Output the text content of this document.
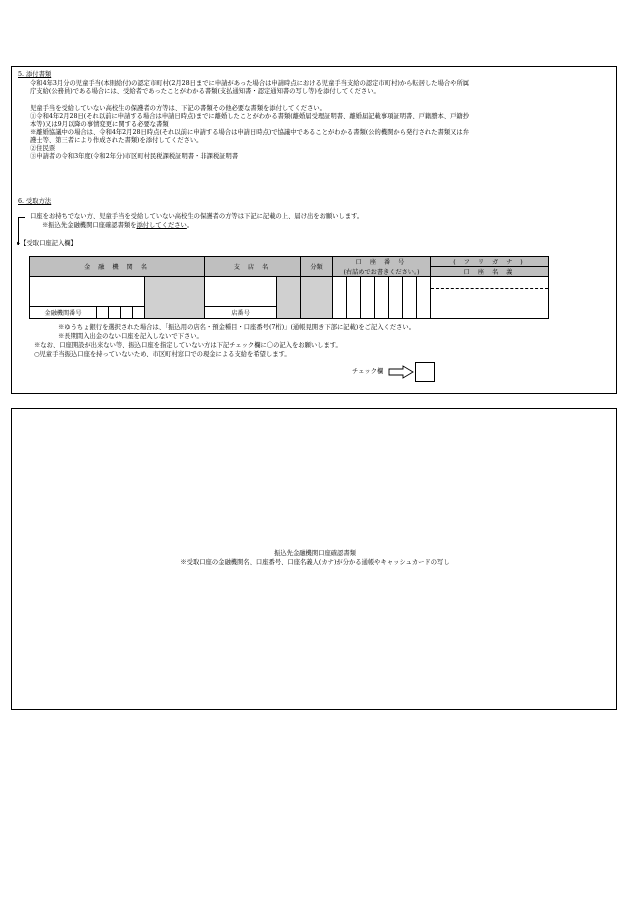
5. 添付書類
令和4年3月分の児童手当(本則給付)の認定市町村(2月28日までに申請があった場合は申請時点における児童手当支給の認定市町村)から転居した場合や所属
庁支給(公務員)である場合には、受給者であったことがわかる書類(支払通知書・認定通知書の写し等)を添付してください。
児童手当を受給していない高校生の保護者の方等は、下記の書類その他必要な書類を添付してください。
①令和4年2月28日(それ以前に申請する場合は申請日時点)までに離婚したことがわかる書類(離婚届受理証明書、離婚届記載事項証明書、戸籍謄本、戸籍抄
本等)又は9月以降の事情変更に関する必要な書類
※離婚協議中の場合は、令和4年2月28日時点(それ以前に申請する場合は申請日時点)で協議中であることがわかる書類(公的機関から発行された書類又は弁
護士等、第三者により作成された書類)を添付してください。
②住民票
③申請者の令和3年度(令和2年分)市区町村民税課税証明書・非課税証明書
6. 受取方法
口座をお持ちでない方、児童手当を受給していない高校生の保護者の方等は下記に記載の上、届け出をお願いします。
※振込先金融機関口座確認書類を添付してください。
▸【受取口座記入欄】
金 融 機 関 名						支 店 名		分類	口 座 番 号							( フ リ ガ ナ )
									(右詰めでお書きください。)							口 座 名 義

金融機関番号						店番号										
※ゆうちょ銀行を選択された場合は、「振込用の店名・預金種目・口座番号(7桁)」(通帳見開き下部に記載)をご記入ください。
※長期間入出金のない口座を記入しないで下さい。
※なお、口座開設が出来ない等、振込口座を指定していない方は下記チェック欄に〇の記入をお願いします。
○児童手当振込口座を持っていないため、市区町村窓口での現金による支給を希望します。
チェック欄
振込先金融機関口座確認書類
※受取口座の金融機関名、口座番号、口座名義人(カナ)が分かる通帳やキャッシュカードの写し
